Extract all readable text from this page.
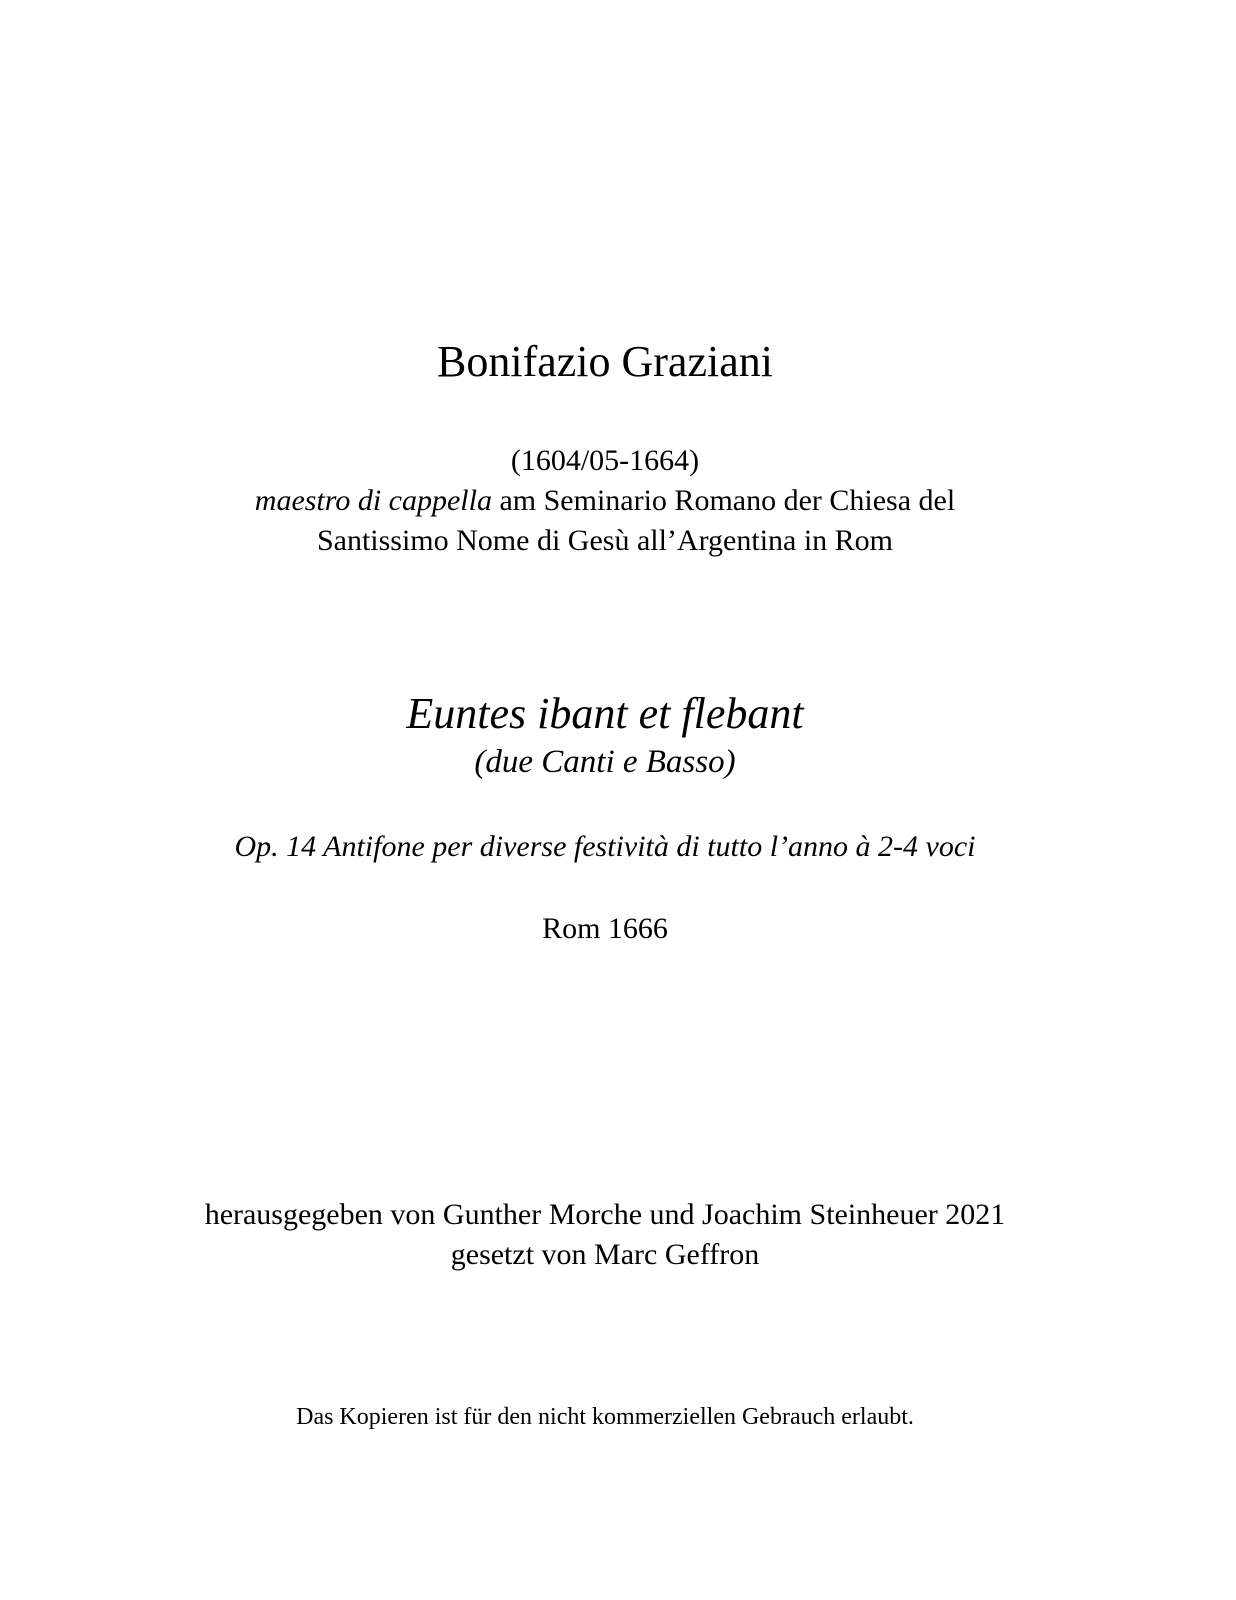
Bonifazio Graziani
(1604/05-1664)
maestro di cappella am Seminario Romano der Chiesa del
Santissimo Nome di Gesù all’Argentina in Rom
Euntes ibant et flebant
(due Canti e Basso)
Op. 14 Antifone per diverse festività di tutto l’anno à 2-4 voci
Rom 1666
herausgegeben von Gunther Morche und Joachim Steinheuer 2021
gesetzt von Marc Geffron
Das Kopieren ist für den nicht kommerziellen Gebrauch erlaubt.
